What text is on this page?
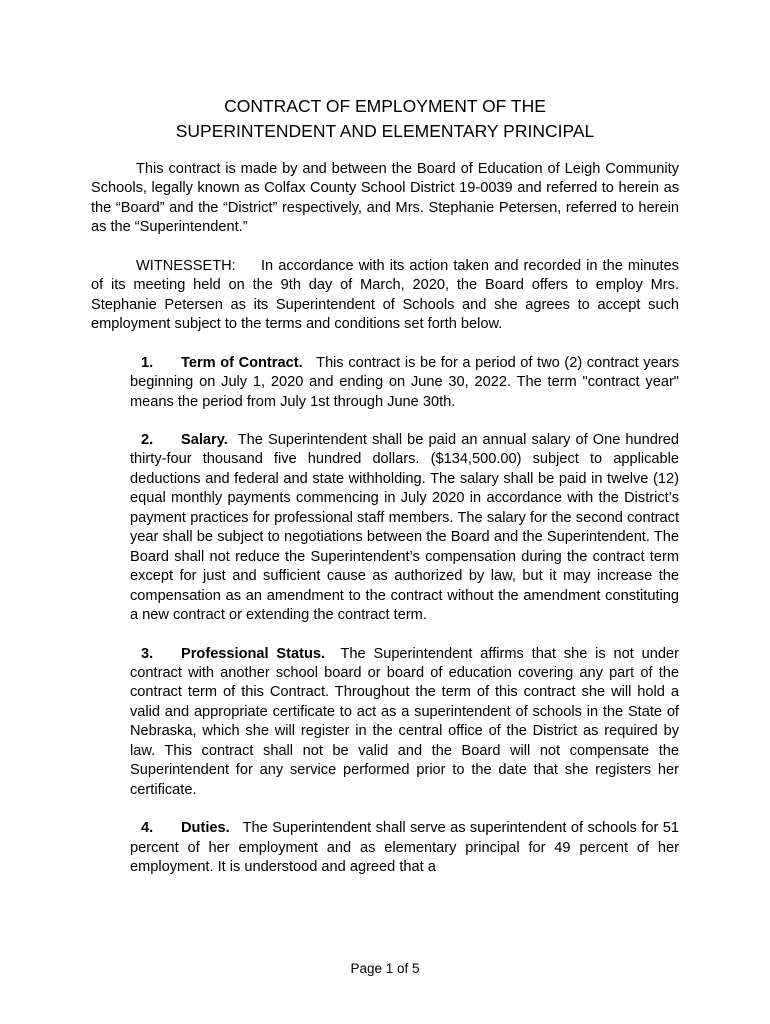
CONTRACT OF EMPLOYMENT OF THE
SUPERINTENDENT AND ELEMENTARY PRINCIPAL

This contract is made by and between the Board of Education of Leigh Community Schools, legally known as Colfax County School District 19-0039 and referred to herein as the “Board” and the “District” respectively, and Mrs. Stephanie Petersen, referred to herein as the “Superintendent.”

WITNESSETH: In accordance with its action taken and recorded in the minutes of its meeting held on the 9th day of March, 2020, the Board offers to employ Mrs. Stephanie Petersen as its Superintendent of Schools and she agrees to accept such employment subject to the terms and conditions set forth below.

1. Term of Contract. This contract is be for a period of two (2) contract years beginning on July 1, 2020 and ending on June 30, 2022. The term "contract year" means the period from July 1st through June 30th.

2. Salary. The Superintendent shall be paid an annual salary of One hundred thirty-four thousand five hundred dollars. ($134,500.00) subject to applicable deductions and federal and state withholding. The salary shall be paid in twelve (12) equal monthly payments commencing in July 2020 in accordance with the District’s payment practices for professional staff members. The salary for the second contract year shall be subject to negotiations between the Board and the Superintendent. The Board shall not reduce the Superintendent’s compensation during the contract term except for just and sufficient cause as authorized by law, but it may increase the compensation as an amendment to the contract without the amendment constituting a new contract or extending the contract term.

3. Professional Status. The Superintendent affirms that she is not under contract with another school board or board of education covering any part of the contract term of this Contract. Throughout the term of this contract she will hold a valid and appropriate certificate to act as a superintendent of schools in the State of Nebraska, which she will register in the central office of the District as required by law. This contract shall not be valid and the Board will not compensate the Superintendent for any service performed prior to the date that she registers her certificate.

4. Duties. The Superintendent shall serve as superintendent of schools for 51 percent of her employment and as elementary principal for 49 percent of her employment. It is understood and agreed that a

Page 1 of 5
